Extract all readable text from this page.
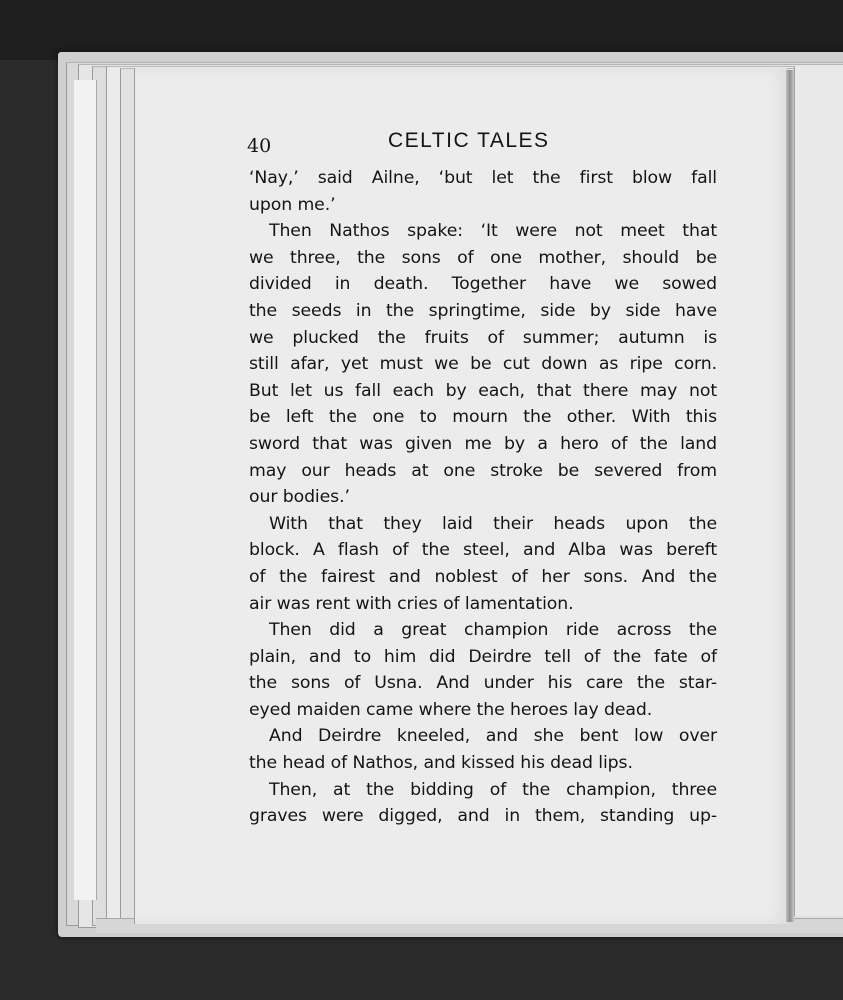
40	CELTIC TALES
‘Nay,’ said Ailne, ‘but let the first blow fall
upon me.’
Then Nathos spake: ‘It were not meet that
we three, the sons of one mother, should be
divided in death. Together have we sowed
the seeds in the springtime, side by side have
we plucked the fruits of summer; autumn is
still afar, yet must we be cut down as ripe corn.
But let us fall each by each, that there may not
be left the one to mourn the other. With this
sword that was given me by a hero of the land
may our heads at one stroke be severed from
our bodies.’
With that they laid their heads upon the
block. A flash of the steel, and Alba was bereft
of the fairest and noblest of her sons. And the
air was rent with cries of lamentation.
Then did a great champion ride across the
plain, and to him did Deirdre tell of the fate of
the sons of Usna. And under his care the star-
eyed maiden came where the heroes lay dead.
And Deirdre kneeled, and she bent low over
the head of Nathos, and kissed his dead lips.
Then, at the bidding of the champion, three
graves were digged, and in them, standing up-
